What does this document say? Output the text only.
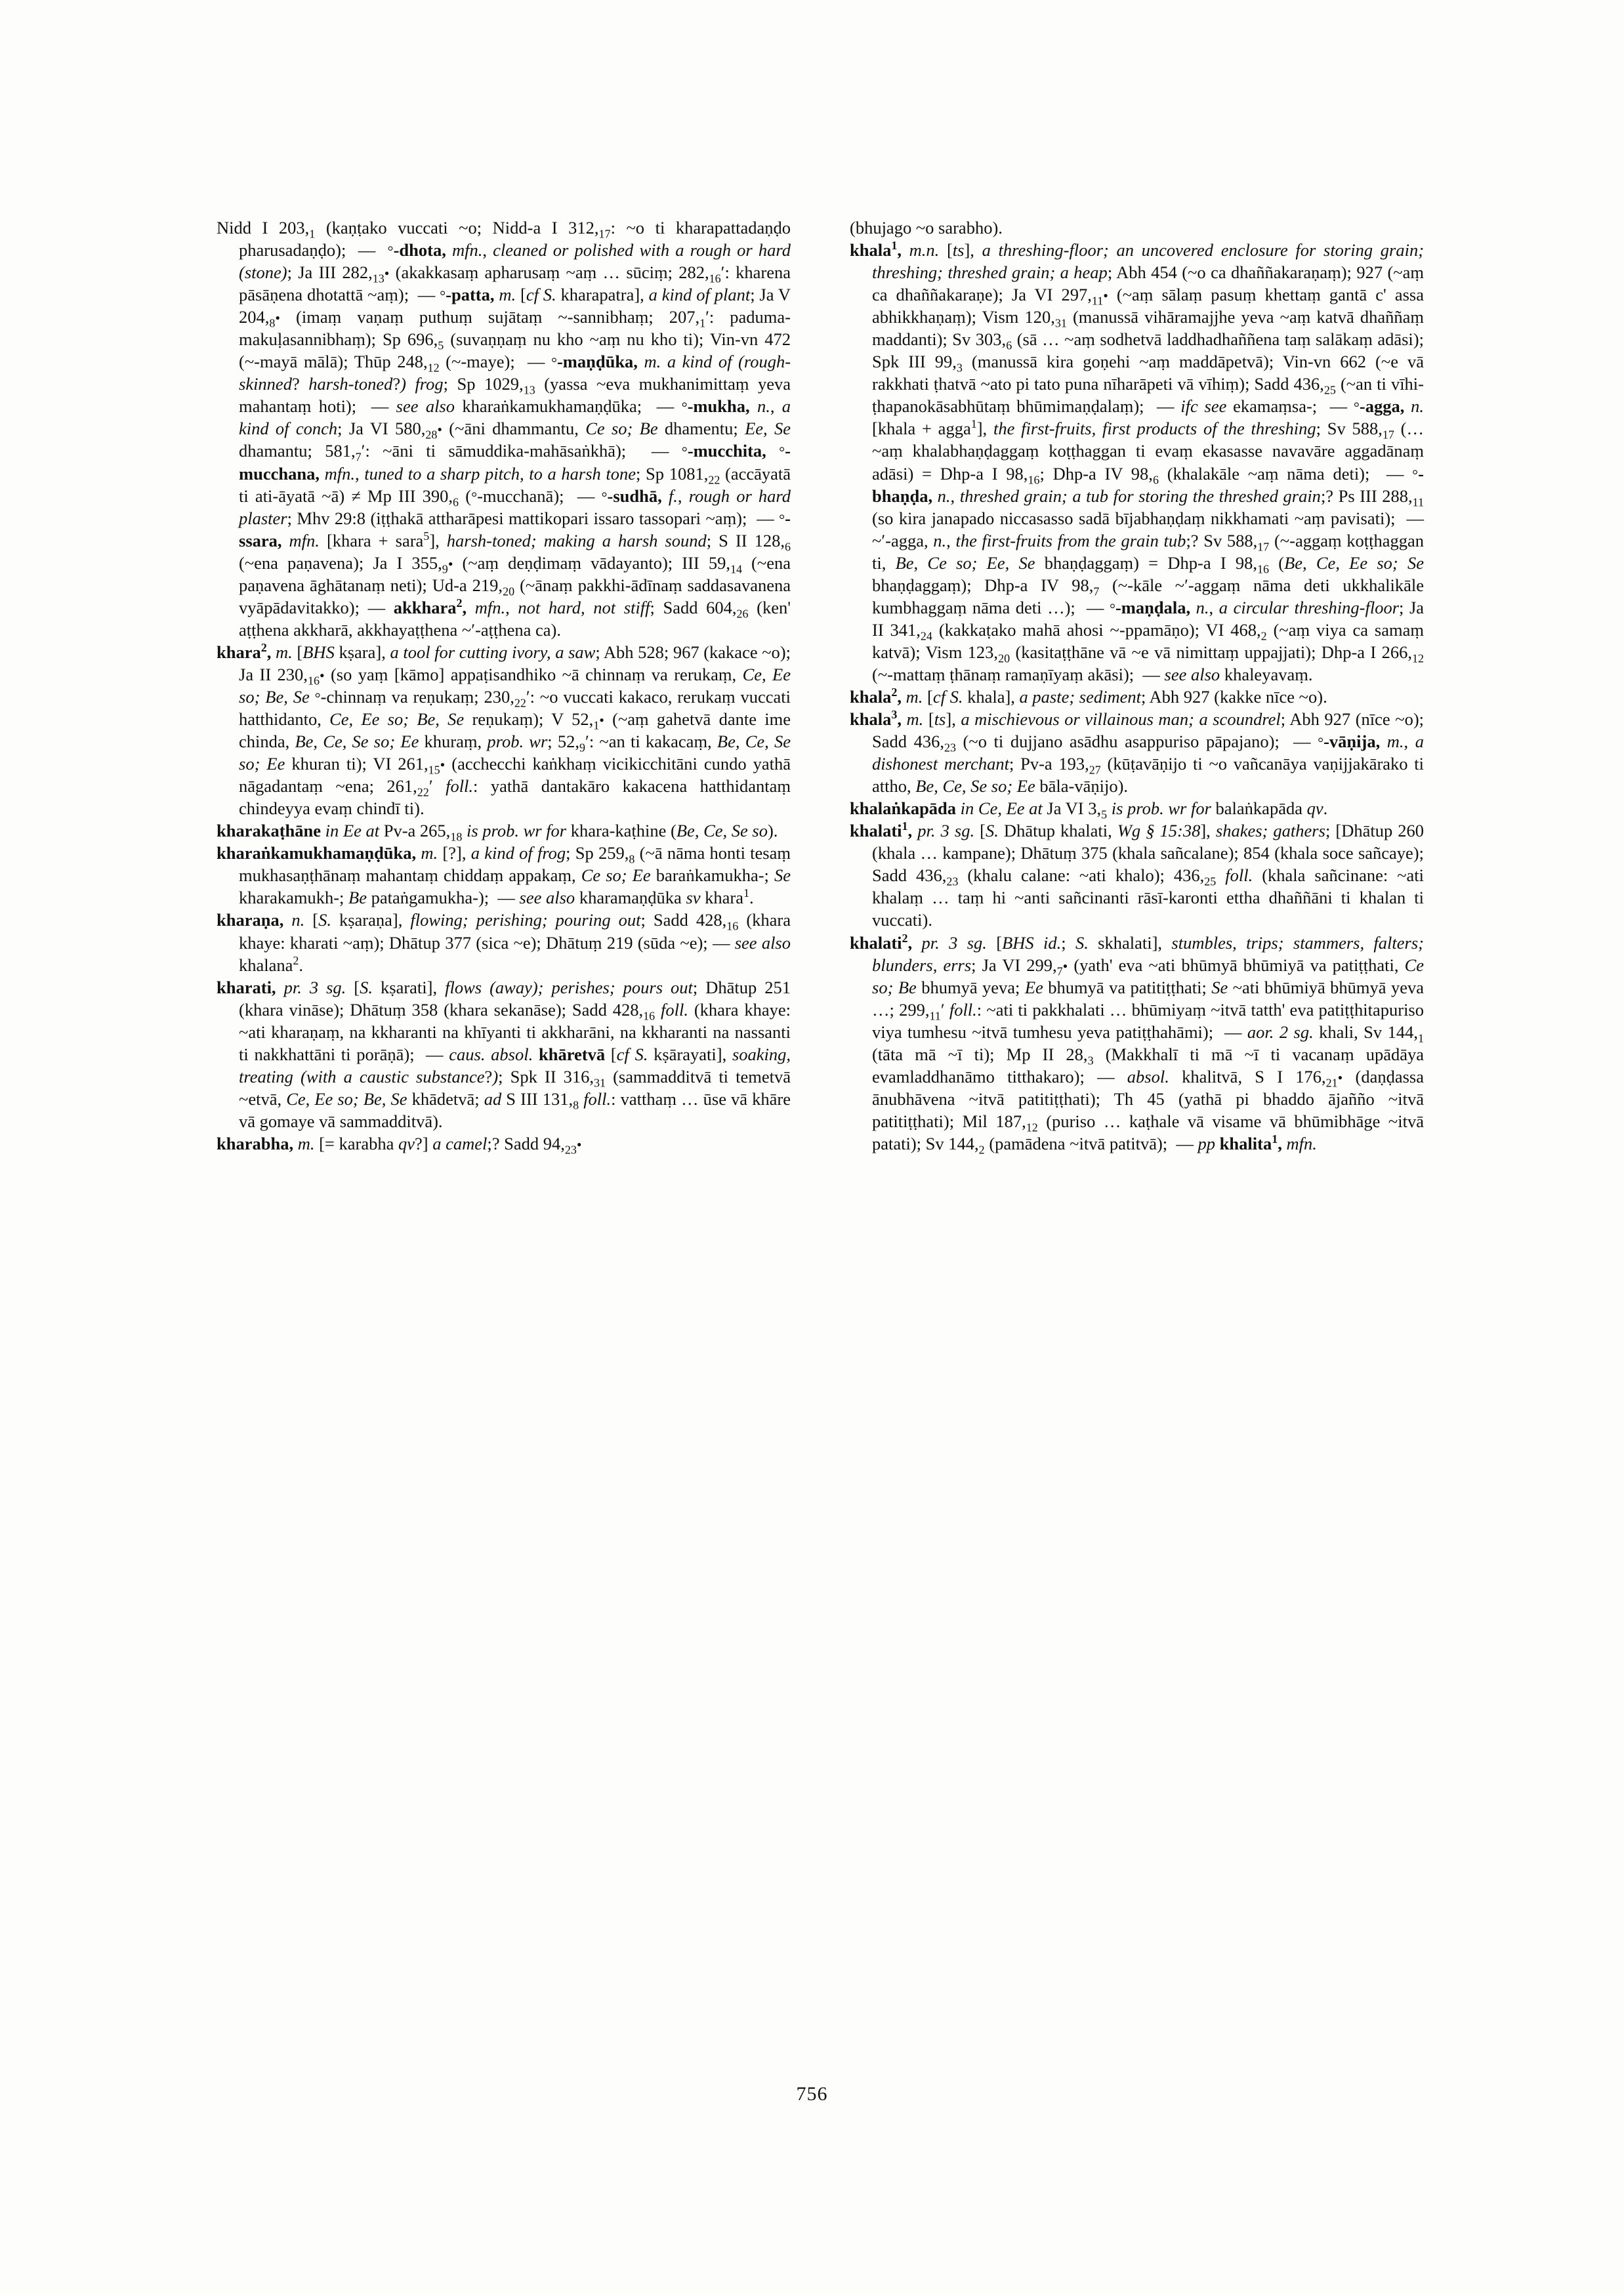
Nidd I $203,_1$ (kaṇṭako vuccati ~o; Nidd-a I $312,_{17}$: ~o ti kharapattadaṇḍo pharusadaṇḍo);  —  °-dhota, mfn., cleaned or polished with a rough or hard (stone); Ja III $282,_{13}•$ (akakkasaṃ apharusaṃ ~aṃ … sūciṃ; $282,_{16}'$: kharena pāsāṇena dhotattā ~aṃ);  — °-patta, m. [cf S. kharapatra], a kind of plant; Ja V $204,_8•$ (imaṃ vaṇaṃ puthuṃ sujātaṃ ~-sannibhaṃ; $207,_1'$: paduma-makuḷasannibhaṃ); Sp $696,_5$ (suvaṇṇaṃ nu kho ~aṃ nu kho ti); Vin-vn 472 (~-mayā mālā); Thūp $248,_{12}$ (~-maye);  — °-maṇḍūka, m. a kind of (rough-skinned? harsh-toned?) frog; Sp $1029,_{13}$ (yassa ~eva mukhanimittaṃ yeva mahantaṃ hoti);  — see also kharaṅkamukhamaṇḍūka;  — °-mukha, n., a kind of conch; Ja VI $580,_{28}•$ (~āni dhammantu, Ce so; Be dhamentu; Ee, Se dhamantu; $581,_7'$: ~āni ti sāmuddika-mahāsaṅkhā);  — °-mucchita, °-mucchana, mfn., tuned to a sharp pitch, to a harsh tone; Sp $1081,_{22}$ (accāyatā ti ati-āyatā ~ā) ≠ Mp III $390,_6$ (°-mucchanā);  — °-sudhā, f., rough or hard plaster; Mhv 29:8 (iṭṭhakā attharāpesi mattikopari issaro tassopari ~aṃ);  — °-ssara, mfn. [khara + sara$^5$], harsh-toned; making a harsh sound; S II $128,_6$ (~ena paṇavena); Ja I $355,_9•$ (~aṃ deṇḍimaṃ vādayanto); III $59,_{14}$ (~ena paṇavena āghātanaṃ neti); Ud-a $219,_{20}$ (~ānaṃ pakkhi-ādīnaṃ saddasavanena vyāpādavitakko); — akkhara$^2$, mfn., not hard, not stiff; Sadd $604,_{26}$ (ken' aṭṭhena akkharā, akkhayaṭṭhena ~′-aṭṭhena ca).
khara$^2$, m. [BHS kṣara], a tool for cutting ivory, a saw; Abh 528; 967 (kakace ~o); Ja II $230,_{16}•$ (so yaṃ [kāmo] appaṭisandhiko ~ā chinnaṃ va rerukaṃ, Ce, Ee so; Be, Se °-chinnaṃ va reṇukaṃ; $230,_{22}'$: ~o vuccati kakaco, rerukaṃ vuccati hatthidanto, Ce, Ee so; Be, Se reṇukaṃ); V $52,_1•$ (~aṃ gahetvā dante ime chinda, Be, Ce, Se so; Ee khuraṃ, prob. wr; $52,_9'$: ~an ti kakacaṃ, Be, Ce, Se so; Ee khuran ti); VI $261,_{15}•$ (acchecchi kaṅkhaṃ vicikicchitāni cundo yathā nāgadantaṃ ~ena; $261,_{22}'$ foll.: yathā dantakāro kakacena hatthidantaṃ chindeyya evaṃ chindī ti).
kharakaṭhāne in Ee at Pv-a $265,_{18}$ is prob. wr for khara-kaṭhine (Be, Ce, Se so).
kharaṅkamukhamaṇḍūka, m. [?], a kind of frog; Sp $259,_8$ (~ā nāma honti tesaṃ mukhasaṇṭhānaṃ mahantaṃ chiddaṃ appakaṃ, Ce so; Ee baraṅkamukha-; Se kharakamukh-; Be pataṅgamukha-);  — see also kharamaṇḍūka sv khara$^1$.
kharaṇa, n. [S. kṣaraṇa], flowing; perishing; pouring out; Sadd $428,_{16}$ (khara khaye: kharati ~aṃ); Dhātup 377 (sica ~e); Dhātuṃ 219 (sūda ~e); — see also khalana$^2$.
kharati, pr. 3 sg. [S. kṣarati], flows (away); perishes; pours out; Dhātup 251 (khara vināse); Dhātuṃ 358 (khara sekanāse); Sadd $428,_{16}$ foll. (khara khaye: ~ati kharaṇaṃ, na kkharanti na khīyanti ti akkharāni, na kkharanti na nassanti ti nakkhattāni ti porāṇā);  — caus. absol. khāretvā [cf S. kṣārayati], soaking, treating (with a caustic substance?); Spk II $316,_{31}$ (sammadditvā ti temetvā ~etvā, Ce, Ee so; Be, Se khādetvā; ad S III $131,_8$ foll.: vatthaṃ … ūse vā khāre vā gomaye vā sammadditvā).
kharabha, m. [= karabha qv?] a camel;? Sadd $94,_{23}•$
(bhujago ~o sarabho).
khala$^1$, m.n. [ts], a threshing-floor; an uncovered enclosure for storing grain; threshing; threshed grain; a heap; Abh 454 (~o ca dhaññakaraṇaṃ); 927 (~aṃ ca dhaññakaraṇe); Ja VI $297,_{11}•$ (~aṃ sālaṃ pasuṃ khettaṃ gantā c' assa abhikkhaṇaṃ); Vism $120,_{31}$ (manussā vihāramajjhe yeva ~aṃ katvā dhaññaṃ maddanti); Sv $303,_6$ (sā … ~aṃ sodhetvā laddhadhaññena taṃ salākaṃ adāsi); Spk III $99,_3$ (manussā kira goṇehi ~aṃ maddāpetvā); Vin-vn 662 (~e vā rakkhati ṭhatvā ~ato pi tato puna nīharāpeti vā vīhiṃ); Sadd $436,_{25}$ (~an ti vīhi-ṭhapanokāsabhūtaṃ bhūmimaṇḍalaṃ);  — ifc see ekamaṃsa-;  — °-agga, n. [khala + agga$^1$], the first-fruits, first products of the threshing; Sv $588,_{17}$ (… ~aṃ khalabhaṇḍaggaṃ koṭṭhaggan ti evaṃ ekasasse navavāre aggadānaṃ adāsi) = Dhp-a I $98,_{16}$; Dhp-a IV $98,_6$ (khalakāle ~aṃ nāma deti);  — °-bhaṇḍa, n., threshed grain; a tub for storing the threshed grain;? Ps III $288,_{11}$ (so kira janapado niccasasso sadā bījabhaṇḍaṃ nikkhamati ~aṃ pavisati);  — ~′-agga, n., the first-fruits from the grain tub;? Sv $588,_{17}$ (~-aggaṃ koṭṭhaggan ti, Be, Ce so; Ee, Se bhaṇḍaggaṃ) = Dhp-a I $98,_{16}$ (Be, Ce, Ee so; Se bhaṇḍaggaṃ); Dhp-a IV $98,_7$ (~-kāle ~′-aggaṃ nāma deti ukkhalikāle kumbhaggaṃ nāma deti …);  — °-maṇḍala, n., a circular threshing-floor; Ja II $341,_{24}$ (kakkaṭako mahā ahosi ~-ppamāṇo); VI $468,_2$ (~aṃ viya ca samaṃ katvā); Vism $123,_{20}$ (kasitaṭṭhāne vā ~e vā nimittaṃ uppajjati); Dhp-a I $266,_{12}$ (~-mattaṃ ṭhānaṃ ramaṇīyaṃ akāsi);  — see also khaleyavaṃ.
khala$^2$, m. [cf S. khala], a paste; sediment; Abh 927 (kakke nīce ~o).
khala$^3$, m. [ts], a mischievous or villainous man; a scoundrel; Abh 927 (nīce ~o); Sadd $436,_{23}$ (~o ti dujjano asādhu asappuriso pāpajano);  — °-vāṇija, m., a dishonest merchant; Pv-a $193,_{27}$ (kūṭavāṇijo ti ~o vañcanāya vaṇijjakārako ti attho, Be, Ce, Se so; Ee bāla-vāṇijo).
khalaṅkapāda in Ce, Ee at Ja VI $3,_5$ is prob. wr for balaṅkapāda qv.
khalati$^1$, pr. 3 sg. [S. Dhātup khalati, Wg § 15:38], shakes; gathers; [Dhātup 260 (khala … kampane); Dhātuṃ 375 (khala sañcalane); 854 (khala soce sañcaye); Sadd $436,_{23}$ (khalu calane: ~ati khalo); $436,_{25}$ foll. (khala sañcinane: ~ati khalaṃ … taṃ hi ~anti sañcinanti rāsī-karonti ettha dhaññāni ti khalan ti vuccati).
khalati$^2$, pr. 3 sg. [BHS id.; S. skhalati], stumbles, trips; stammers, falters; blunders, errs; Ja VI $299,_7•$ (yath' eva ~ati bhūmyā bhūmiyā va patiṭṭhati, Ce so; Be bhumyā yeva; Ee bhumyā va patitiṭṭhati; Se ~ati bhūmiyā bhūmyā yeva …; $299,_{11}'$ foll.: ~ati ti pakkhalati … bhūmiyaṃ ~itvā tatth' eva patiṭṭhitapuriso viya tumhesu ~itvā tumhesu yeva patiṭṭhahāmi);  — aor. 2 sg. khali, Sv $144,_1$ (tāta mā ~ī ti); Mp II $28,_3$ (Makkhalī ti mā ~ī ti vacanaṃ upādāya evamladdhanāmo titthakaro); — absol. khalitvā, S I $176,_{21}•$ (daṇḍassa ānubhāvena ~itvā patitiṭṭhati); Th 45 (yathā pi bhaddo ājañño ~itvā patitiṭṭhati); Mil $187,_{12}$ (puriso … kaṭhale vā visame vā bhūmibhāge ~itvā patati); Sv $144,_2$ (pamādena ~itvā patitvā);  — pp khalita$^1$, mfn.
756
